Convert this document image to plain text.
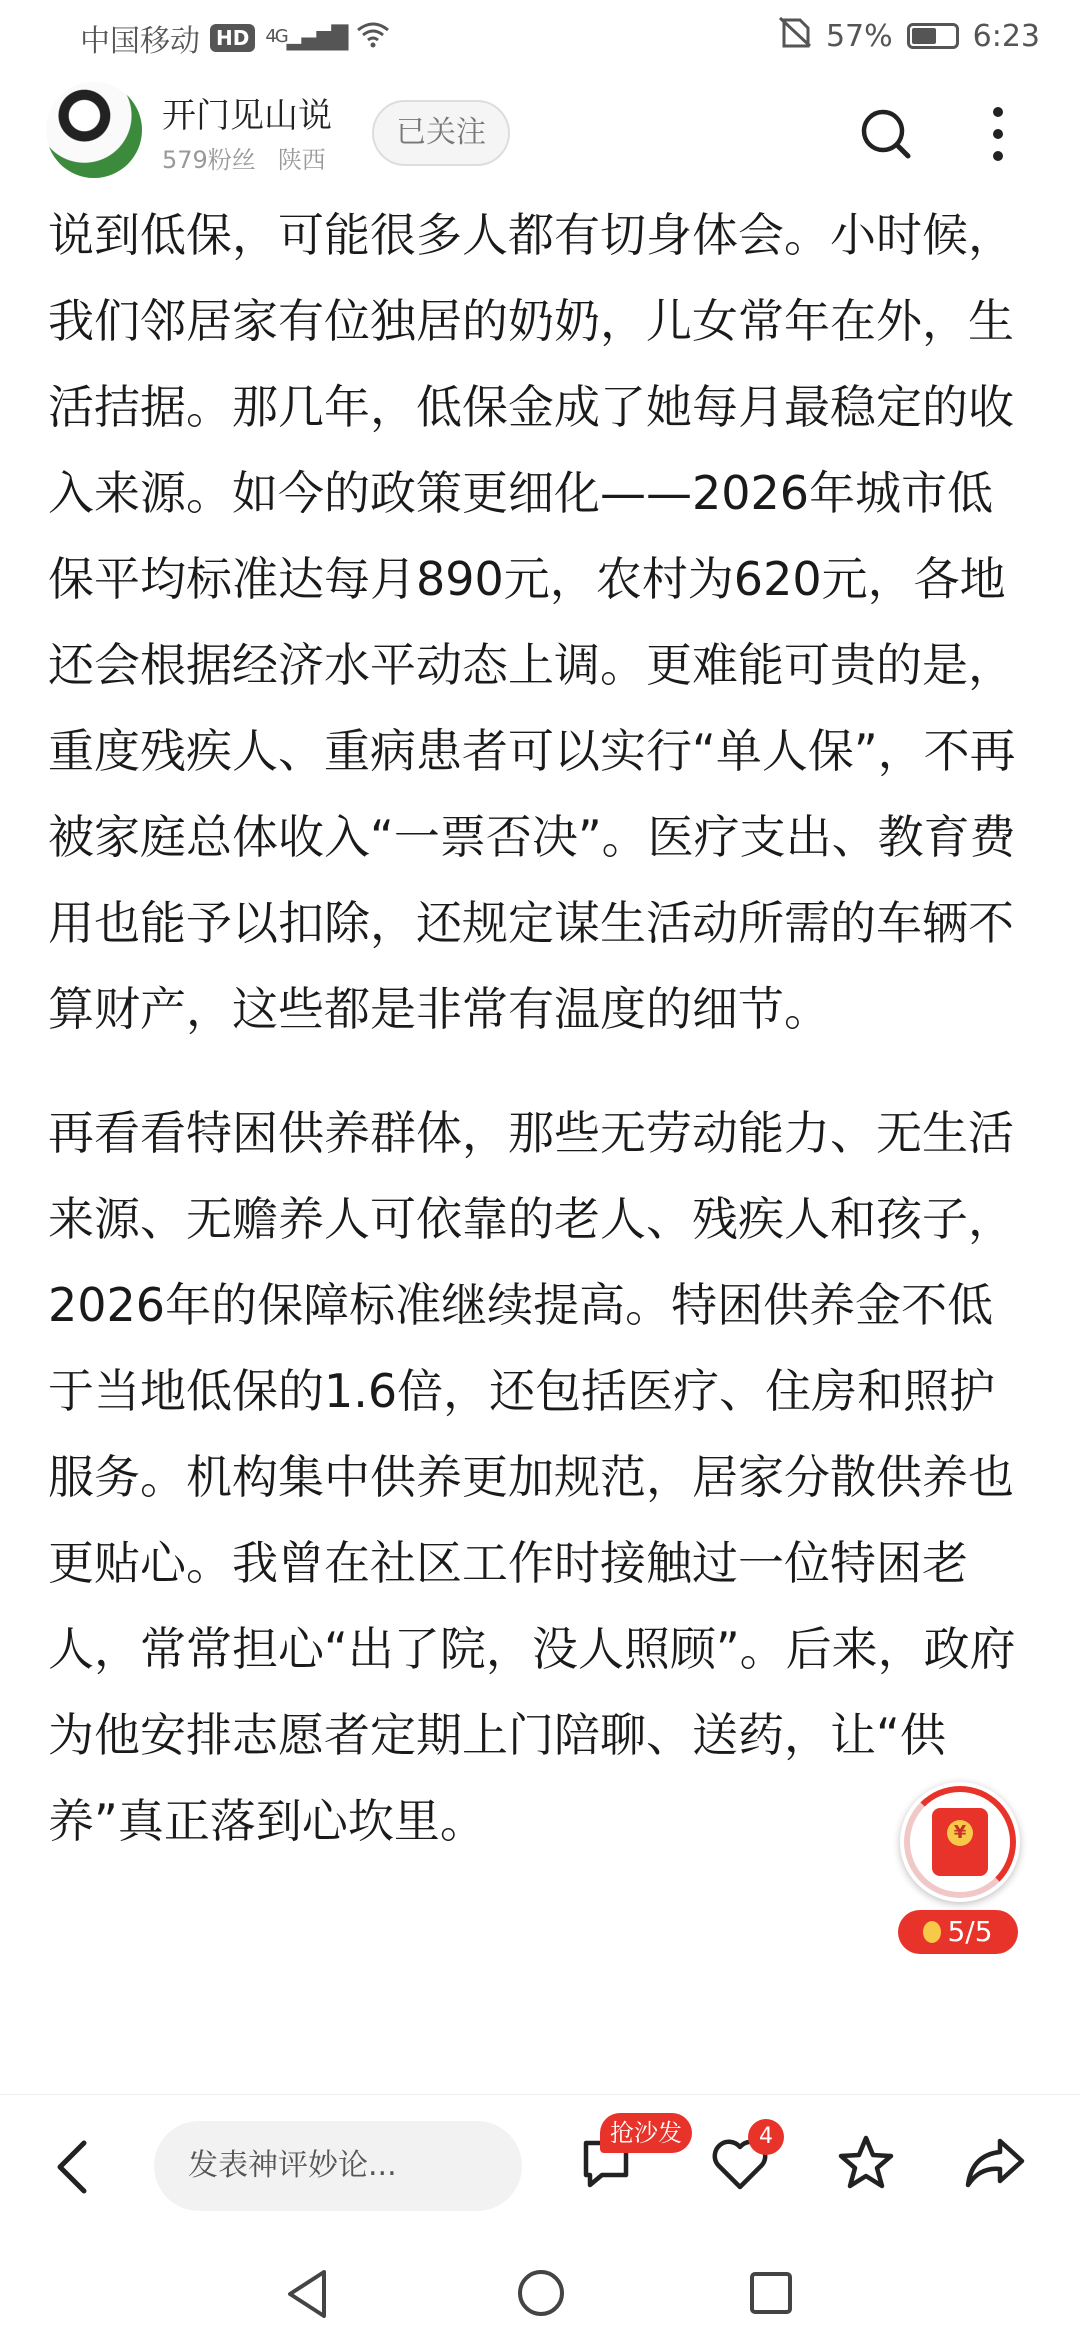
中国移动 HD $^{4G}$▂▄▆█	57%	6:23
开门见山说
579粉丝 陕西
已关注

说到低保，可能很多人都有切身体会。小时候，我们邻居家有位独居的奶奶，儿女常年在外，生活拮据。那几年，低保金成了她每月最稳定的收入来源。如今的政策更细化——2026年城市低保平均标准达每月890元，农村为620元，各地还会根据经济水平动态上调。更难能可贵的是，重度残疾人、重病患者可以实行“单人保”，不再被家庭总体收入“一票否决”。医疗支出、教育费用也能予以扣除，还规定谋生活动所需的车辆不算财产，这些都是非常有温度的细节。

再看看特困供养群体，那些无劳动能力、无生活来源、无赡养人可依靠的老人、残疾人和孩子，2026年的保障标准继续提高。特困供养金不低于当地低保的1.6倍，还包括医疗、住房和照护服务。机构集中供养更加规范，居家分散供养也更贴心。我曾在社区工作时接触过一位特困老人，常常担心“出了院，没人照顾”。后来，政府为他安排志愿者定期上门陪聊、送药，让“供养”真正落到心坎里。	¥
5/5
发表神评妙论...
抢沙发	4
